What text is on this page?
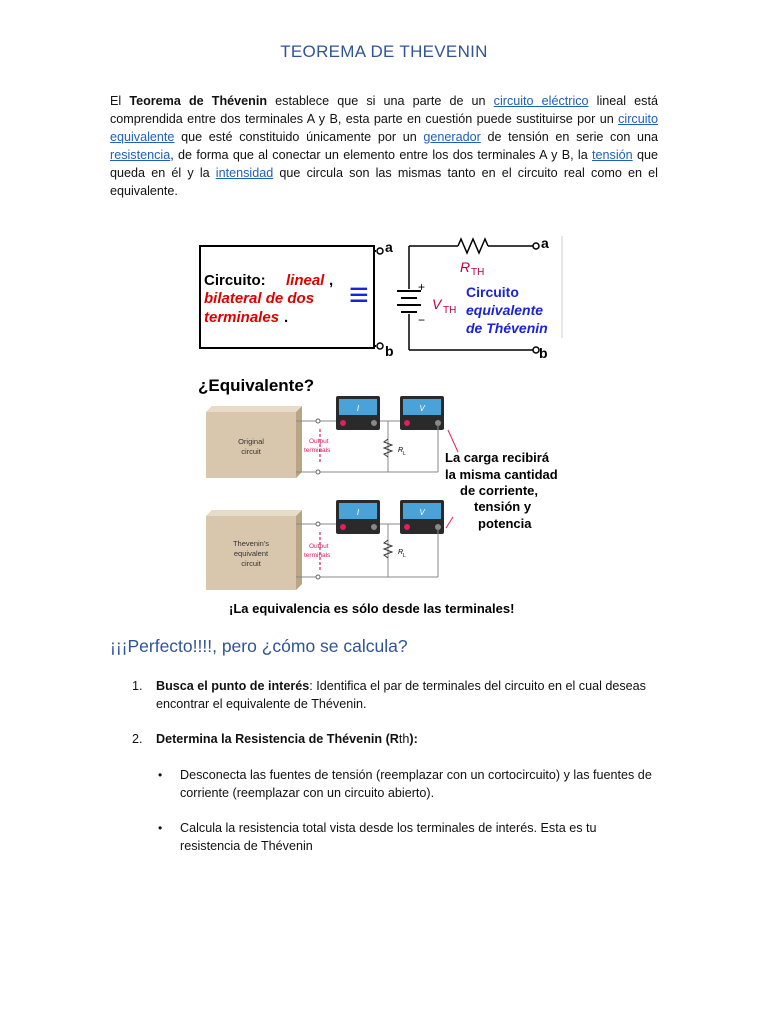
TEOREMA DE THEVENIN
El Teorema de Thévenin establece que si una parte de un circuito eléctrico lineal está comprendida entre dos terminales A y B, esta parte en cuestión puede sustituirse por un circuito equivalente que esté constituido únicamente por un generador de tensión en serie con una resistencia, de forma que al conectar un elemento entre los dos terminales A y B, la tensión que queda en él y la intensidad que circula son las mismas tanto en el circuito real como en el equivalente.
a
b
Circuito: lineal ,
bilateral de dos
terminales .
≡
a
R TH
b
+
−
V TH
Circuito
equivalente
de Thévenin
¿Equivalente?
Original
circuit
Output
terminals
I
R L
V
Thevenin's
equivalent
circuit
Output
terminals
I
R L
V
La carga recibirá
la misma cantidad
de corriente,
tensión y
potencia
¡La equivalencia es sólo desde las terminales!
¡¡¡Perfecto!!!!, pero ¿cómo se calcula?
1. Busca el punto de interés: Identifica el par de terminales del circuito en el cual deseas encontrar el equivalente de Thévenin.
2. Determina la Resistencia de Thévenin (Rth):
• Desconecta las fuentes de tensión (reemplazar con un cortocircuito) y las fuentes de corriente (reemplazar con un circuito abierto).
• Calcula la resistencia total vista desde los terminales de interés. Esta es tu resistencia de Thévenin
